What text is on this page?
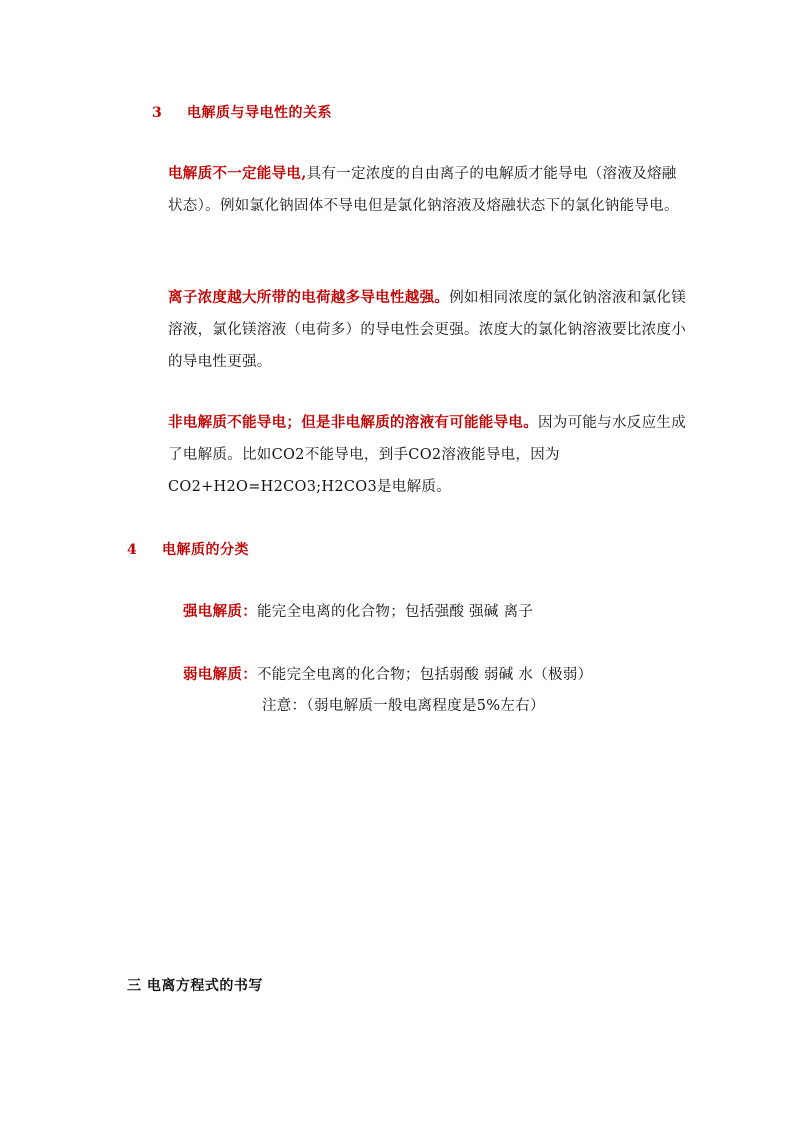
3 电解质与导电性的关系
电解质不一定能导电,具有一定浓度的自由离子的电解质才能导电（溶液及熔融状态）。例如氯化钠固体不导电但是氯化钠溶液及熔融状态下的氯化钠能导电。
离子浓度越大所带的电荷越多导电性越强。例如相同浓度的氯化钠溶液和氯化镁溶液，氯化镁溶液（电荷多）的导电性会更强。浓度大的氯化钠溶液要比浓度小的导电性更强。
非电解质不能导电；但是非电解质的溶液有可能能导电。因为可能与水反应生成了电解质。比如CO2不能导电，到手CO2溶液能导电，因为CO2+H2O=H2CO3;H2CO3是电解质。
4 电解质的分类
强电解质：能完全电离的化合物；包括强酸 强碱 离子
弱电解质：不能完全电离的化合物；包括弱酸 弱碱 水（极弱）
注意：（弱电解质一般电离程度是5%左右）
三 电离方程式的书写
